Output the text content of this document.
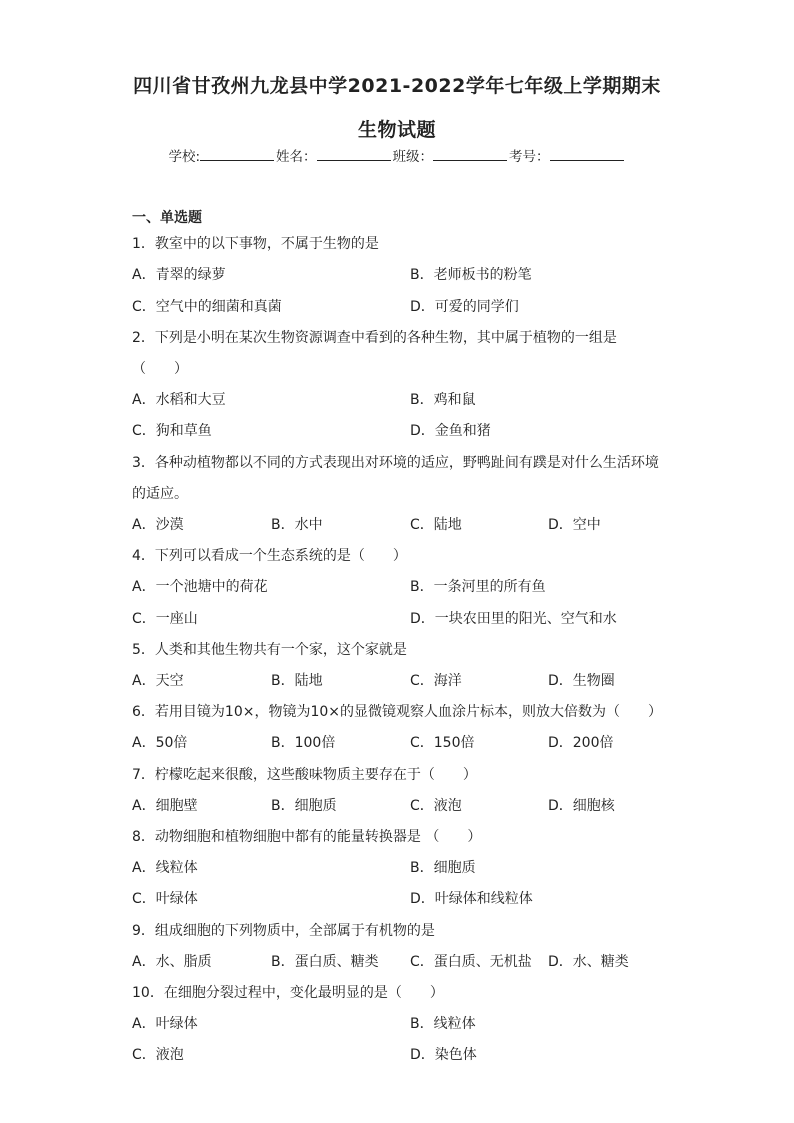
四川省甘孜州九龙县中学2021-2022学年七年级上学期期末
生物试题
学校:	姓名：	班级：	考号：
一、单选题
1．教室中的以下事物，不属于生物的是
A．青翠的绿萝	B．老师板书的粉笔
C．空气中的细菌和真菌	D．可爱的同学们
2．下列是小明在某次生物资源调查中看到的各种生物，其中属于植物的一组是
（　　）
A．水稻和大豆	B．鸡和鼠
C．狗和草鱼	D．金鱼和猪
3．各种动植物都以不同的方式表现出对环境的适应，野鸭趾间有蹼是对什么生活环境
的适应。
A．沙漠	B．水中	C．陆地	D．空中
4．下列可以看成一个生态系统的是（　　）
A．一个池塘中的荷花	B．一条河里的所有鱼
C．一座山	D．一块农田里的阳光、空气和水
5．人类和其他生物共有一个家，这个家就是
A．天空	B．陆地	C．海洋	D．生物圈
6．若用目镜为10×，物镜为10×的显微镜观察人血涂片标本，则放大倍数为（　　）
A．50倍	B．100倍	C．150倍	D．200倍
7．柠檬吃起来很酸，这些酸味物质主要存在于（　　）
A．细胞壁	B．细胞质	C．液泡	D．细胞核
8．动物细胞和植物细胞中都有的能量转换器是 （　　）
A．线粒体	B．细胞质
C．叶绿体	D．叶绿体和线粒体
9．组成细胞的下列物质中，全部属于有机物的是
A．水、脂质	B．蛋白质、糖类 C．蛋白质、无机盐 D．水、糖类
10．在细胞分裂过程中，变化最明显的是（　　）
A．叶绿体	B．线粒体
C．液泡	D．染色体
